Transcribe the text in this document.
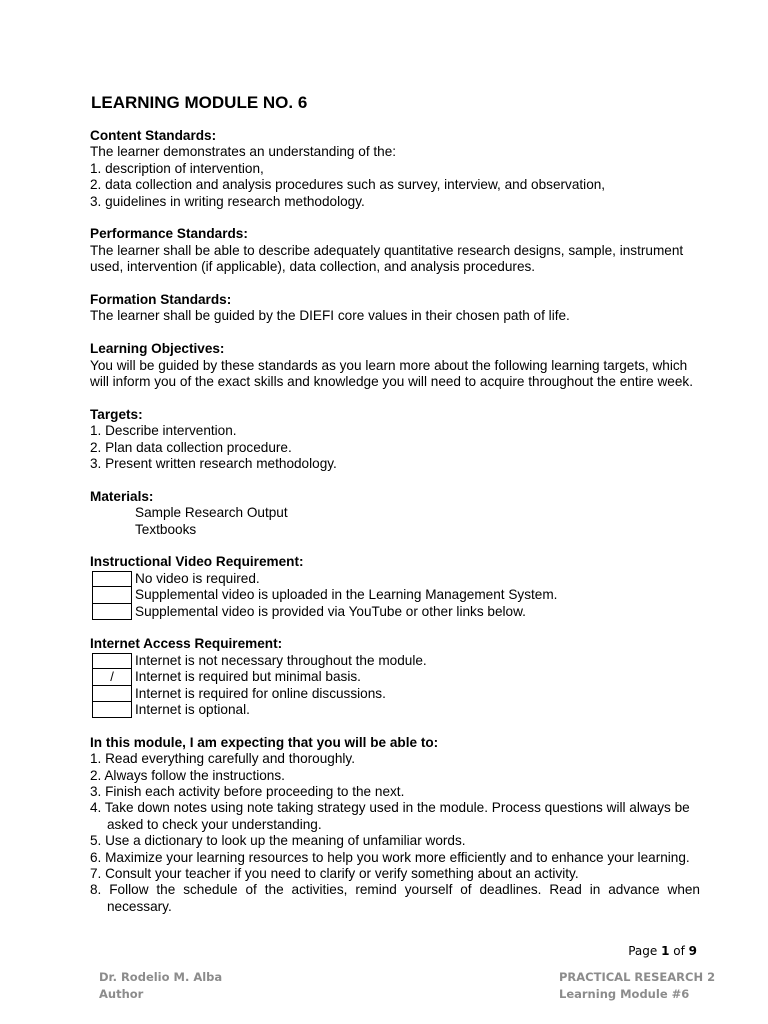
LEARNING MODULE NO. 6

Content Standards:

The learner demonstrates an understanding of the:

1. description of intervention,

2. data collection and analysis procedures such as survey, interview, and observation,

3. guidelines in writing research methodology.

Performance Standards:

The learner shall be able to describe adequately quantitative research designs, sample, instrument used, intervention (if applicable), data collection, and analysis procedures.

Formation Standards:

The learner shall be guided by the DIEFI core values in their chosen path of life.

Learning Objectives:

You will be guided by these standards as you learn more about the following learning targets, which will inform you of the exact skills and knowledge you will need to acquire throughout the entire week.

Targets:

1. Describe intervention.

2. Plan data collection procedure.

3. Present written research methodology.

Materials:

Sample Research Output

Textbooks

Instructional Video Requirement:

No video is required.
Supplemental video is uploaded in the Learning Management System.
Supplemental video is provided via YouTube or other links below.

Internet Access Requirement:

Internet is not necessary throughout the module.
/	Internet is required but minimal basis.
Internet is required for online discussions.
Internet is optional.

In this module, I am expecting that you will be able to:

1. Read everything carefully and thoroughly.

2. Always follow the instructions.

3. Finish each activity before proceeding to the next.

4. Take down notes using note taking strategy used in the module. Process questions will always be asked to check your understanding.

5. Use a dictionary to look up the meaning of unfamiliar words.

6. Maximize your learning resources to help you work more efficiently and to enhance your learning.

7. Consult your teacher if you need to clarify or verify something about an activity.

8. Follow the schedule of the activities, remind yourself of deadlines. Read in advance when necessary.

Page 1 of 9
Dr. Rodelio M. Alba
Author
PRACTICAL RESEARCH 2
Learning Module #6
